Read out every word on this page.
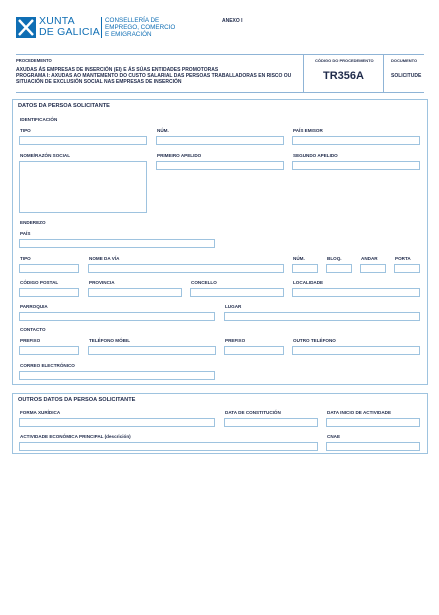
XUNTA
DE GALICIA
CONSELLERÍA DE
EMPREGO, COMERCIO
E EMIGRACIÓN
ANEXO I
PROCEDEMENTO
AXUDAS ÁS EMPRESAS DE INSERCIÓN (EI) E ÁS SÚAS ENTIDADES PROMOTORAS
PROGRAMA I: AXUDAS AO MANTEMENTO DO CUSTO SALARIAL DAS PERSOAS TRABALLADORAS EN RISCO OU
SITUACIÓN DE EXCLUSIÓN SOCIAL NAS EMPRESAS DE INSERCIÓN
CÓDIGO DO PROCEDEMENTO
TR356A
DOCUMENTO
SOLICITUDE
DATOS DA PERSOA SOLICITANTE
IDENTIFICACIÓN
TIPO	NÚM.	PAÍS EMISOR
NOME/RAZÓN SOCIAL	PRIMEIRO APELIDO	SEGUNDO APELIDO
ENDEREZO
PAÍS
TIPO	NOME DA VÍA	NÚM.	BLOQ.	ANDAR	PORTA
CÓDIGO POSTAL	PROVINCIA	CONCELLO	LOCALIDADE
PARROQUIA	LUGAR
CONTACTO
PREFIXO	TELÉFONO MÓBIL	PREFIXO	OUTRO TELÉFONO
CORREO ELECTRÓNICO
OUTROS DATOS DA PERSOA SOLICITANTE
FORMA XURÍDICA	DATA DE CONSTITUCIÓN	DATA INICIO DE ACTIVIDADE
ACTIVIDADE ECONÓMICA PRINCIPAL (descrición)	CNAE
